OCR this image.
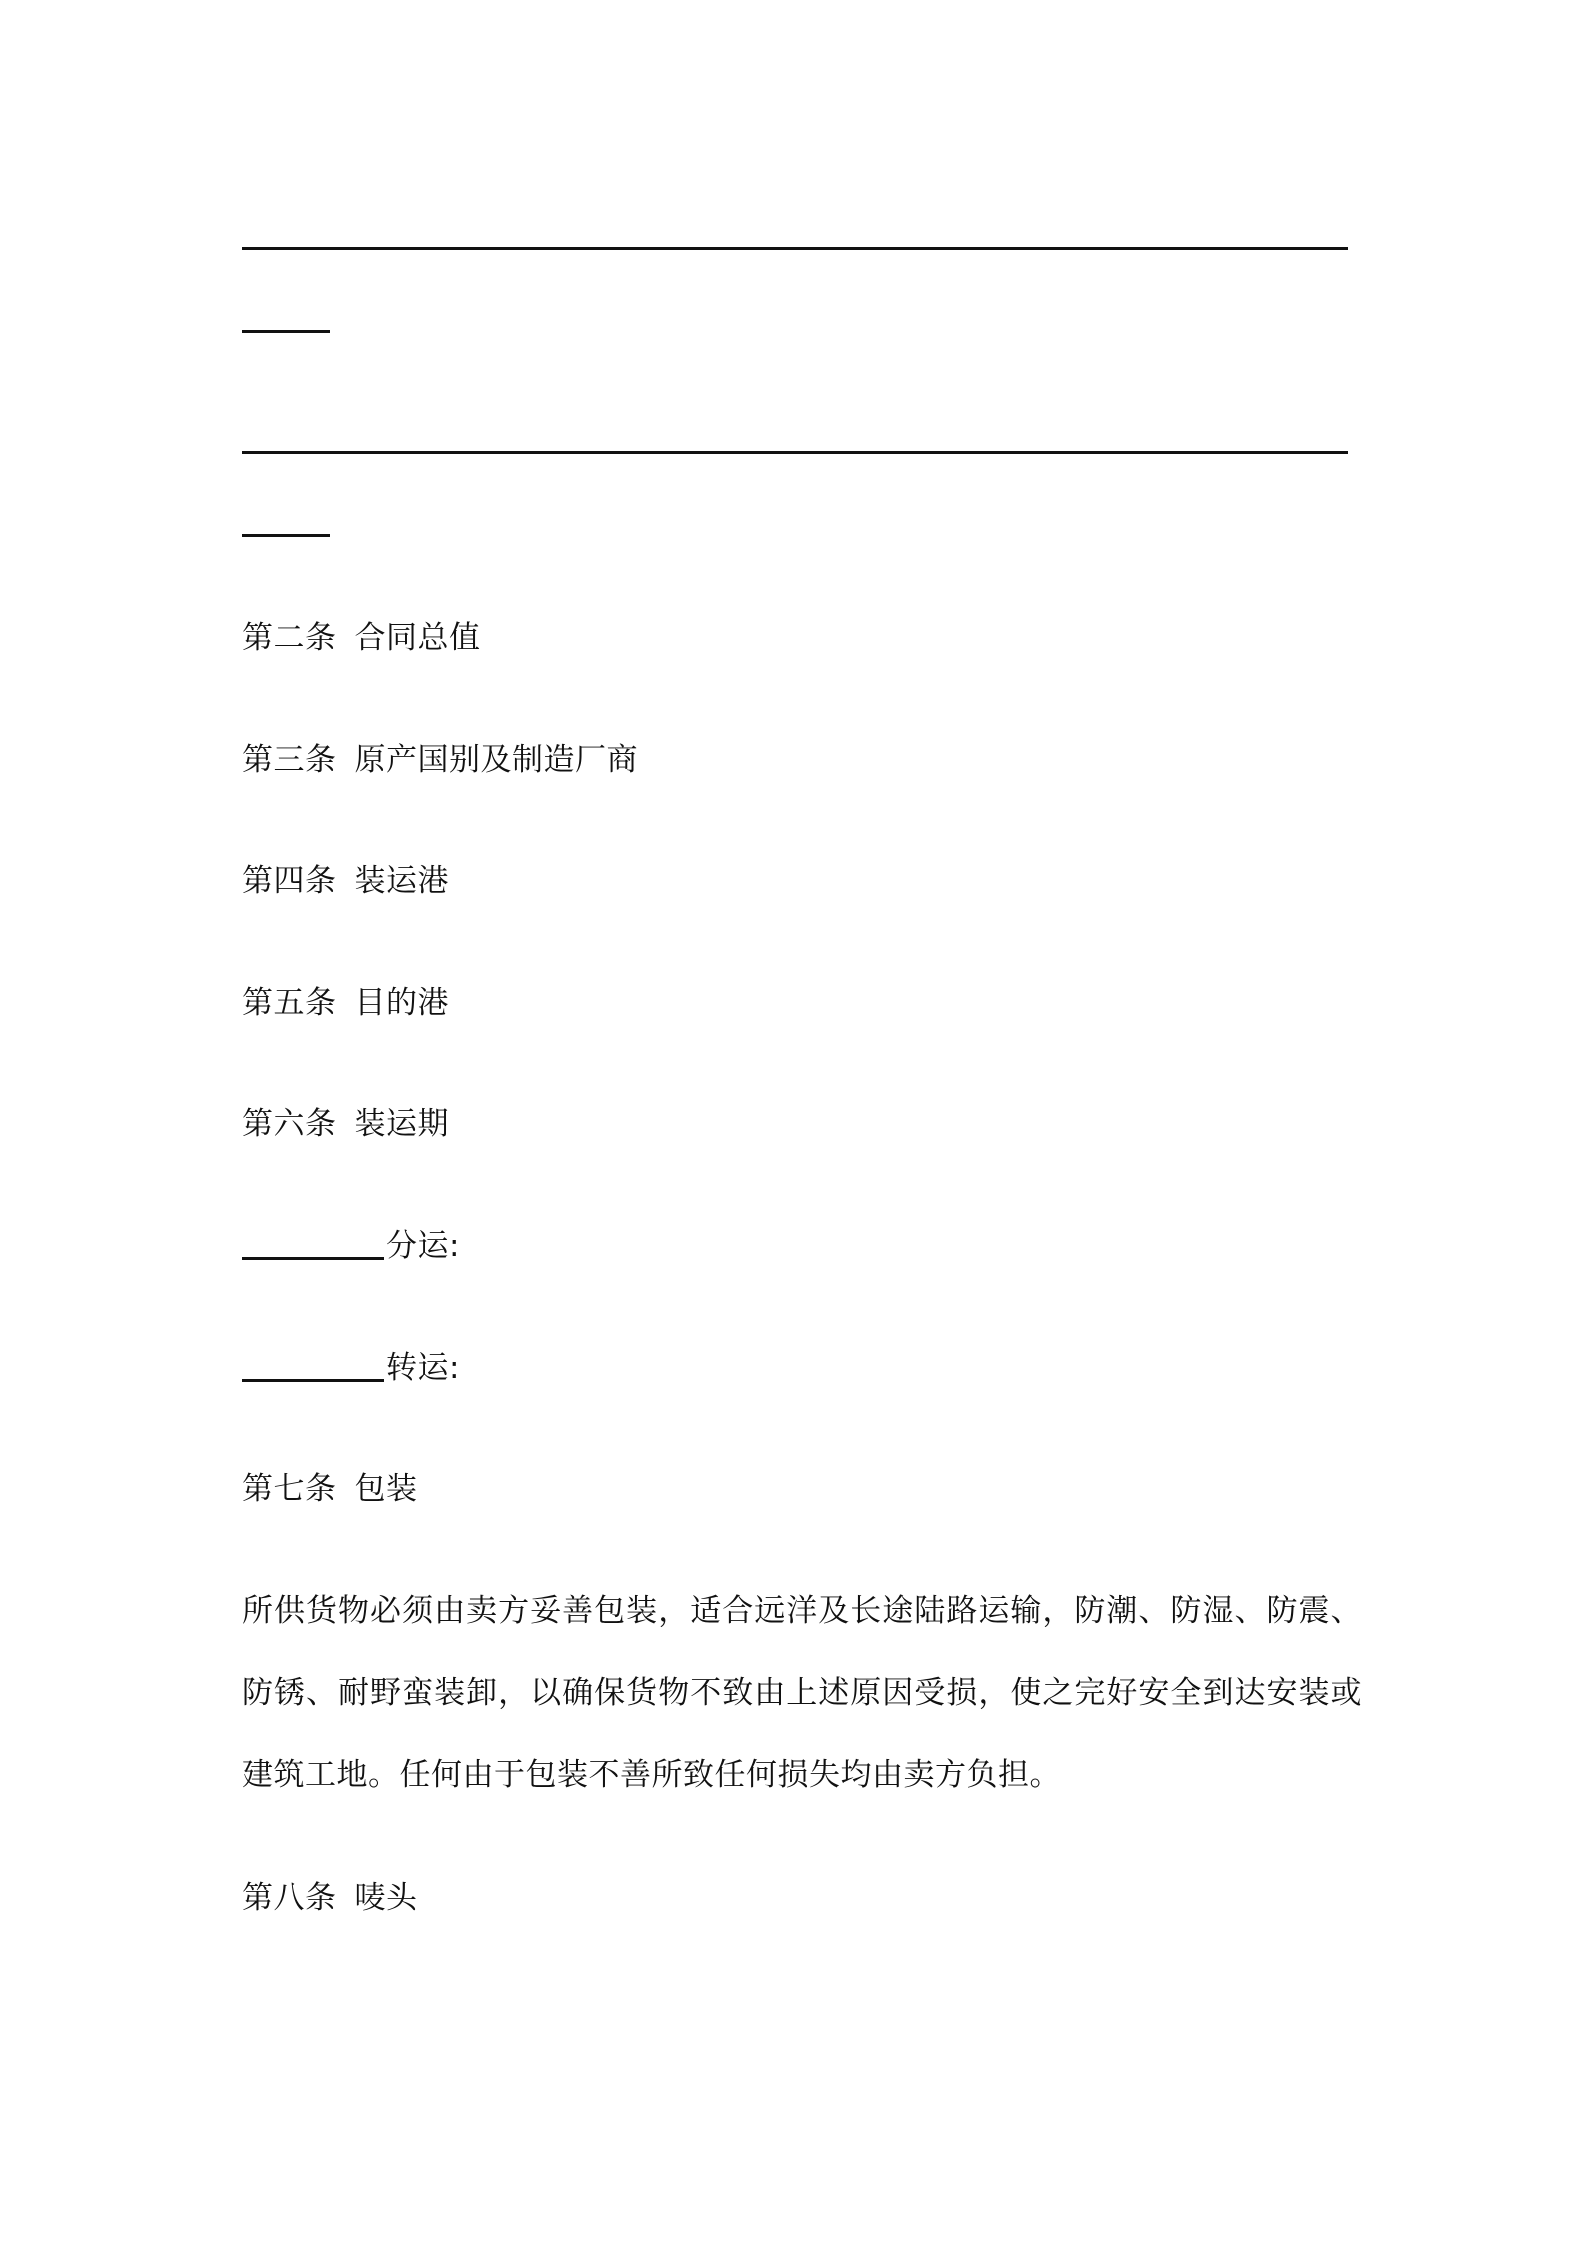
第二条 合同总值
第三条 原产国别及制造厂商
第四条 装运港
第五条 目的港
第六条 装运期
分运:
转运:
第七条 包装
所供货物必须由卖方妥善包装，适合远洋及长途陆路运输，防潮、防湿、防震、防锈、耐野蛮装卸，以确保货物不致由上述原因受损，使之完好安全到达安装或建筑工地。任何由于包装不善所致任何损失均由卖方负担。
第八条 唛头
